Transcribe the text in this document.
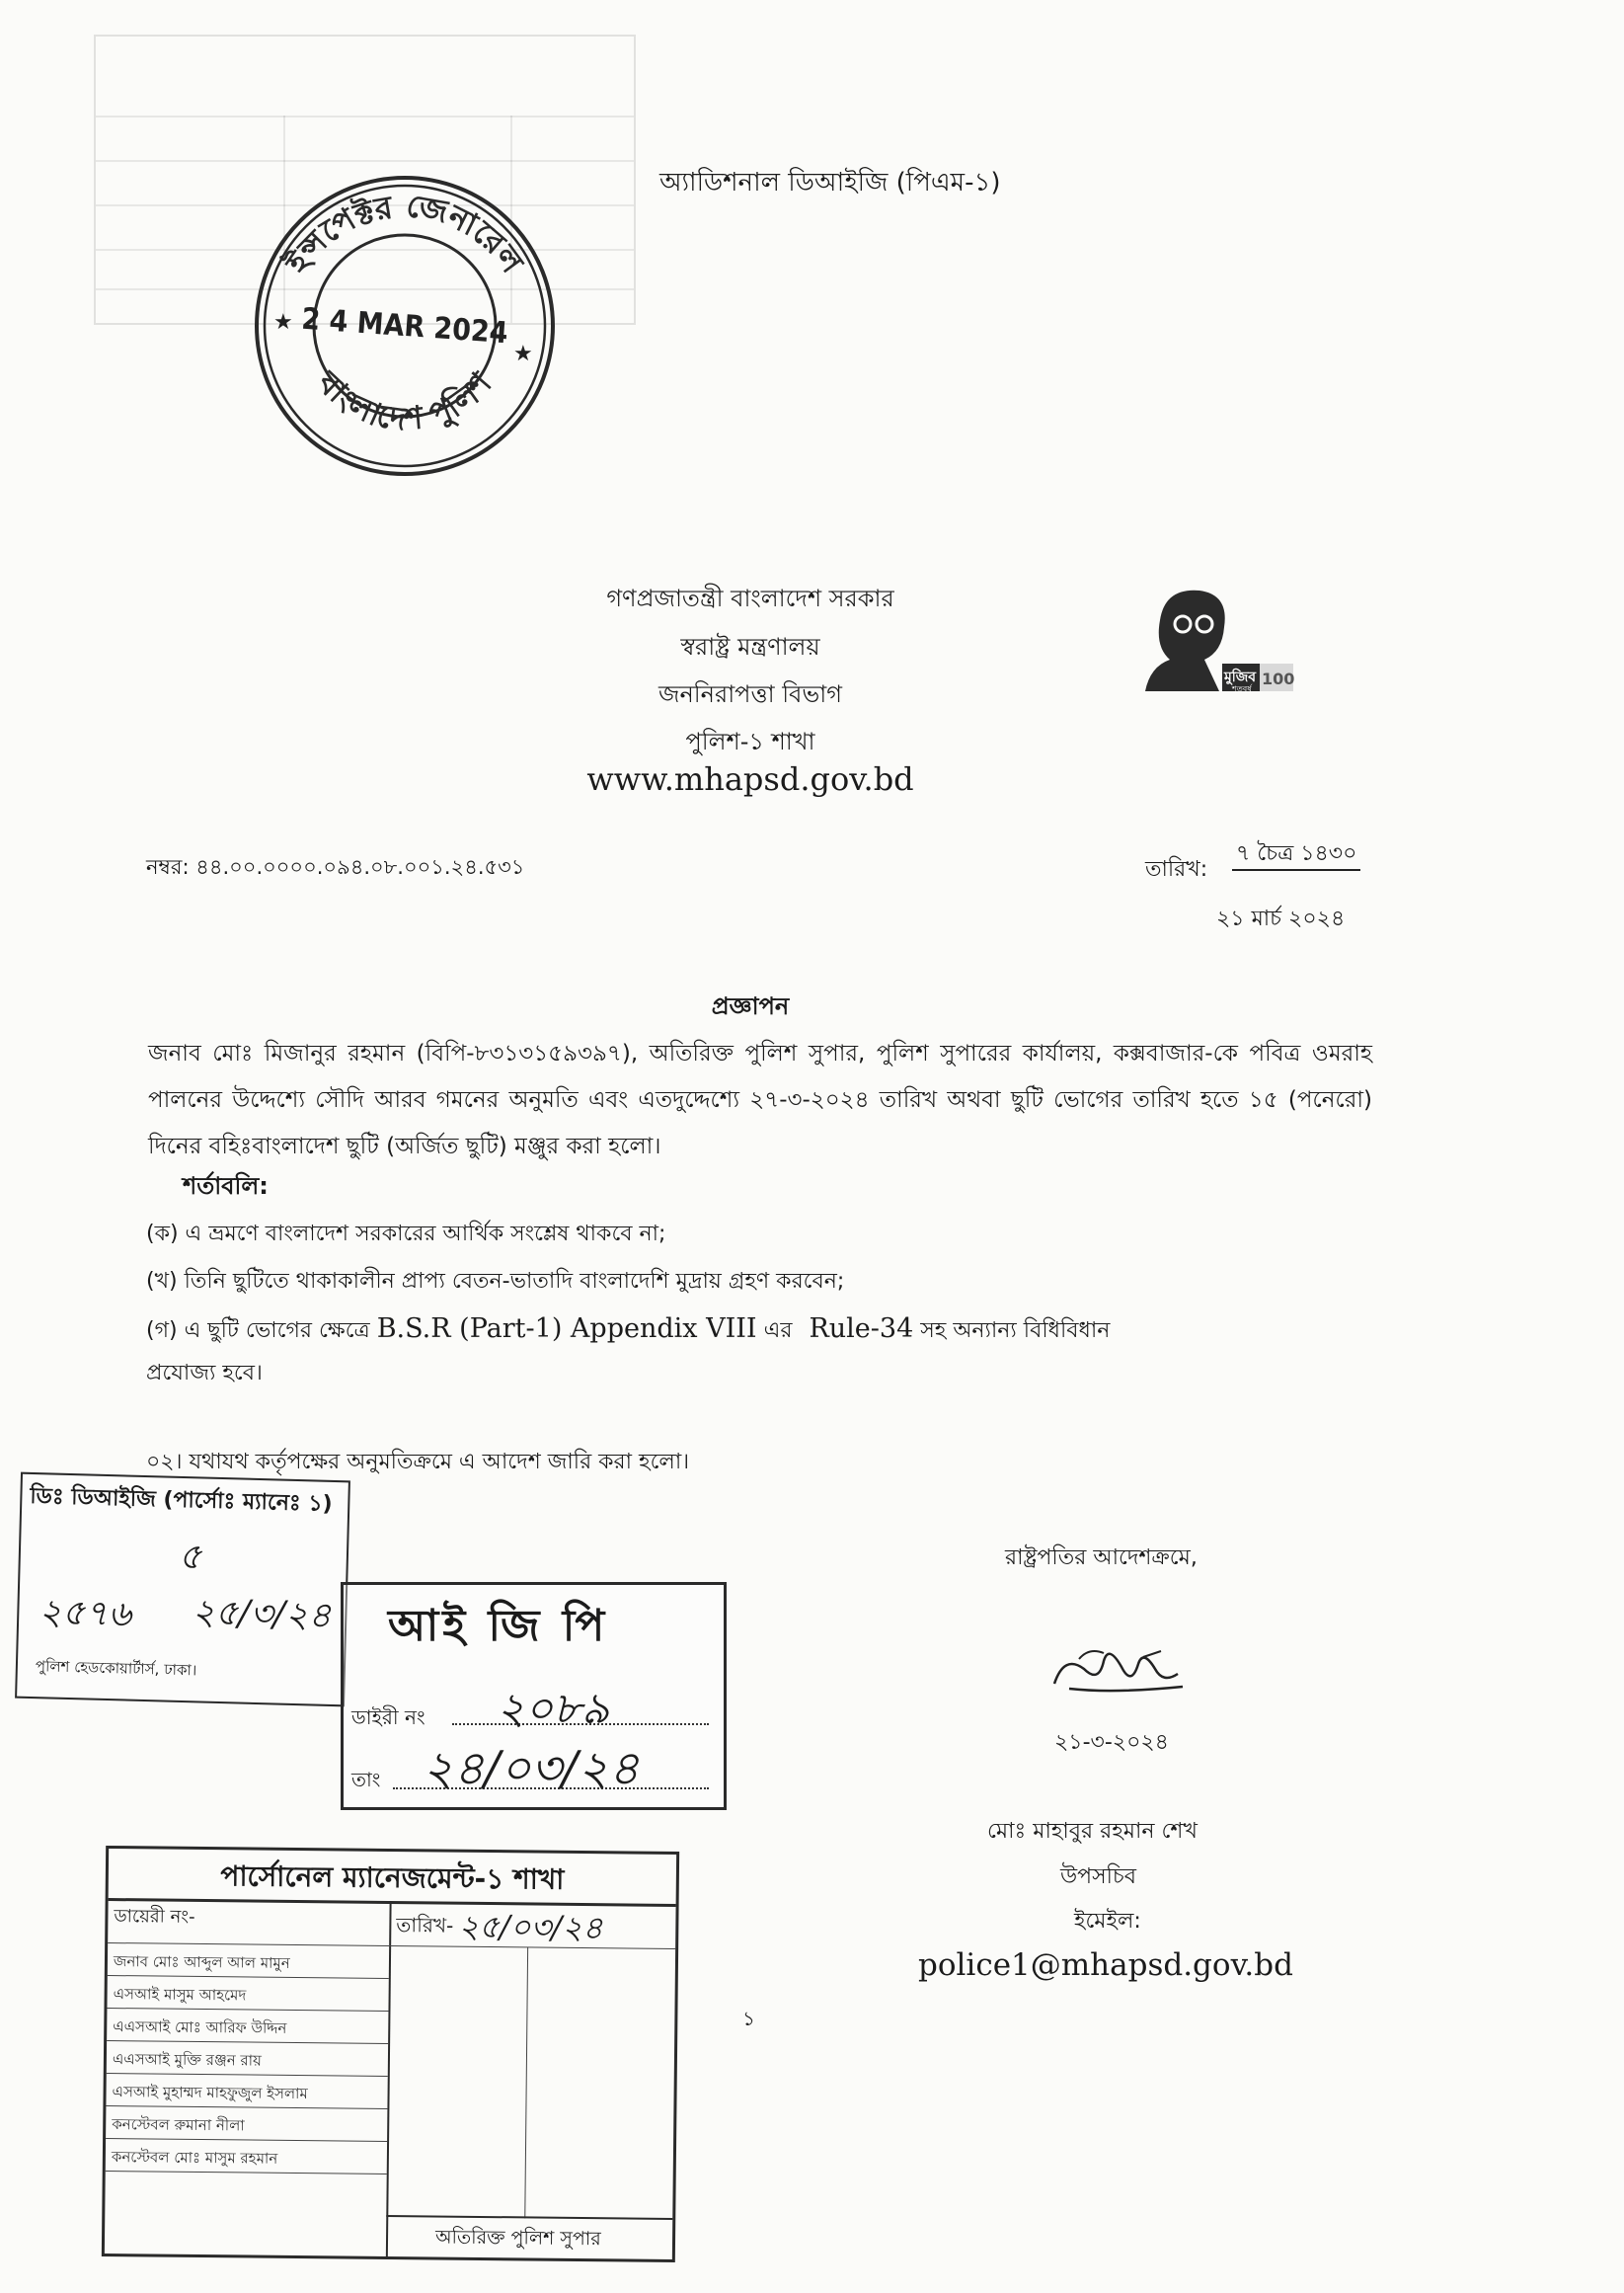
অ্যাডিশনাল ডিআইজি (পিএম-১)
ইন্সপেক্টর জেনারেল
বাংলাদেশ পুলিশ
2 4 MAR 2024
★
★
গণপ্রজাতন্ত্রী বাংলাদেশ সরকার
স্বরাষ্ট্র মন্ত্রণালয়
জননিরাপত্তা বিভাগ
পুলিশ-১ শাখা
www.mhapsd.gov.bd
মুজিব
শতবর্ষ
100
নম্বর: ৪৪.০০.০০০০.০৯৪.০৮.০০১.২৪.৫৩১	তারিখ:
৭ চৈত্র ১৪৩০
২১ মার্চ ২০২৪
প্রজ্ঞাপন
জনাব মোঃ মিজানুর রহমান (বিপি-৮৩১৩১৫৯৩৯৭), অতিরিক্ত পুলিশ সুপার, পুলিশ সুপারের কার্যালয়, কক্সবাজার-কে পবিত্র ওমরাহ পালনের উদ্দেশ্যে সৌদি আরব গমনের অনুমতি এবং এতদুদ্দেশ্যে ২৭-৩-২০২৪ তারিখ অথবা ছুটি ভোগের তারিখ হতে ১৫ (পনেরো) দিনের বহিঃবাংলাদেশ ছুটি (অর্জিত ছুটি) মঞ্জুর করা হলো।
শর্তাবলি:
(ক) এ ভ্রমণে বাংলাদেশ সরকারের আর্থিক সংশ্লেষ থাকবে না;
(খ) তিনি ছুটিতে থাকাকালীন প্রাপ্য বেতন-ভাতাদি বাংলাদেশি মুদ্রায় গ্রহণ করবেন;
(গ) এ ছুটি ভোগের ক্ষেত্রে B.S.R (Part-1) Appendix VIII এর Rule-34 সহ অন্যান্য বিধিবিধান
প্রযোজ্য হবে।
০২। যথাযথ কর্তৃপক্ষের অনুমতিক্রমে এ আদেশ জারি করা হলো।
রাষ্ট্রপতির আদেশক্রমে,
২১-৩-২০২৪
মোঃ মাহাবুর রহমান শেখ
উপসচিব
ইমেইল:
police1@mhapsd.gov.bd
১
ডিঃ ডিআইজি (পার্সোঃ ম্যানেঃ ১)
৫
২৫৭৬ ২৫/৩/২৪
পুলিশ হেডকোয়ার্টার্স, ঢাকা।
আই জি পি
ডাইরী নং ২০৮৯
তাং ২৪/০৩/২৪
পার্সোনেল ম্যানেজমেন্ট-১ শাখা
ডায়েরী নং-	তারিখ- ২৫/০৩/২৪
জনাব মোঃ আব্দুল আল মামুন
এসআই মাসুম আহমেদ
এএসআই মোঃ আরিফ উদ্দিন
এএসআই মুক্তি রঞ্জন রায়
এসআই মুহাম্মদ মাহফুজুল ইসলাম
কনস্টেবল রুমানা নীলা
কনস্টেবল মোঃ মাসুম রহমান
অতিরিক্ত পুলিশ সুপার
